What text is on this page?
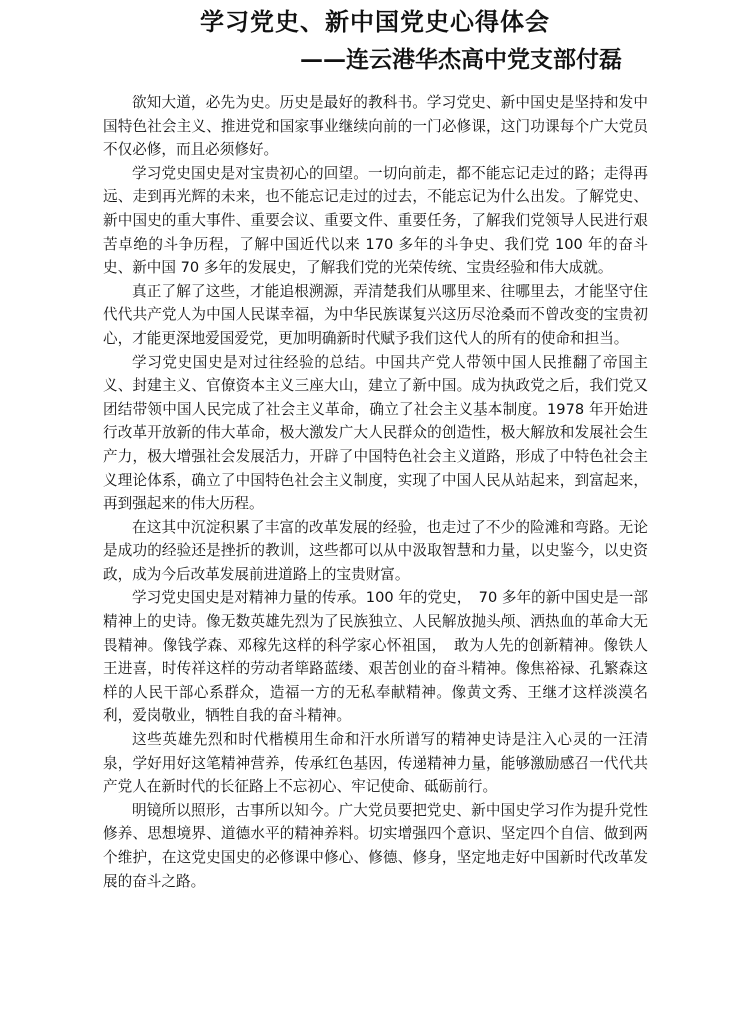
学习党史、新中国党史心得体会
——连云港华杰高中党支部付磊

欲知大道，必先为史。历史是最好的教科书。学习党史、新中国史是坚持和发中国特色社会主义、推进党和国家事业继续向前的一门必修课，这门功课每个广大党员不仅必修，而且必须修好。

学习党史国史是对宝贵初心的回望。一切向前走，都不能忘记走过的路；走得再远、走到再光辉的未来，也不能忘记走过的过去，不能忘记为什么出发。了解党史、新中国史的重大事件、重要会议、重要文件、重要任务，了解我们党领导人民进行艰苦卓绝的斗争历程，了解中国近代以来 170 多年的斗争史、我们党 100 年的奋斗史、新中国 70 多年的发展史，了解我们党的光荣传统、宝贵经验和伟大成就。

真正了解了这些，才能追根溯源，弄清楚我们从哪里来、往哪里去，才能坚守住代代共产党人为中国人民谋幸福，为中华民族谋复兴这历尽沧桑而不曾改变的宝贵初心，才能更深地爱国爱党，更加明确新时代赋予我们这代人的所有的使命和担当。

学习党史国史是对过往经验的总结。中国共产党人带领中国人民推翻了帝国主义、封建主义、官僚资本主义三座大山，建立了新中国。成为执政党之后，我们党又团结带领中国人民完成了社会主义革命，确立了社会主义基本制度。1978 年开始进行改革开放新的伟大革命，极大激发广大人民群众的创造性，极大解放和发展社会生产力，极大增强社会发展活力，开辟了中国特色社会主义道路，形成了中特色社会主义理论体系，确立了中国特色社会主义制度，实现了中国人民从站起来，到富起来，再到强起来的伟大历程。

在这其中沉淀积累了丰富的改革发展的经验，也走过了不少的险滩和弯路。无论是成功的经验还是挫折的教训，这些都可以从中汲取智慧和力量，以史鉴今，以史资政，成为今后改革发展前进道路上的宝贵财富。

学习党史国史是对精神力量的传承。100 年的党史，　70 多年的新中国史是一部精神上的史诗。像无数英雄先烈为了民族独立、人民解放抛头颅、洒热血的革命大无畏精神。像钱学森、邓稼先这样的科学家心怀祖国，　敢为人先的创新精神。像铁人王进喜，时传祥这样的劳动者筚路蓝缕、艰苦创业的奋斗精神。像焦裕禄、孔繁森这样的人民干部心系群众，造福一方的无私奉献精神。像黄文秀、王继才这样淡漠名利，爱岗敬业，牺牲自我的奋斗精神。

这些英雄先烈和时代楷模用生命和汗水所谱写的精神史诗是注入心灵的一汪清泉，学好用好这笔精神营养，传承红色基因，传递精神力量，能够激励感召一代代共产党人在新时代的长征路上不忘初心、牢记使命、砥砺前行。

明镜所以照形，古事所以知今。广大党员要把党史、新中国史学习作为提升党性修养、思想境界、道德水平的精神养料。切实增强四个意识、坚定四个自信、做到两个维护，在这党史国史的必修课中修心、修德、修身，坚定地走好中国新时代改革发展的奋斗之路。
